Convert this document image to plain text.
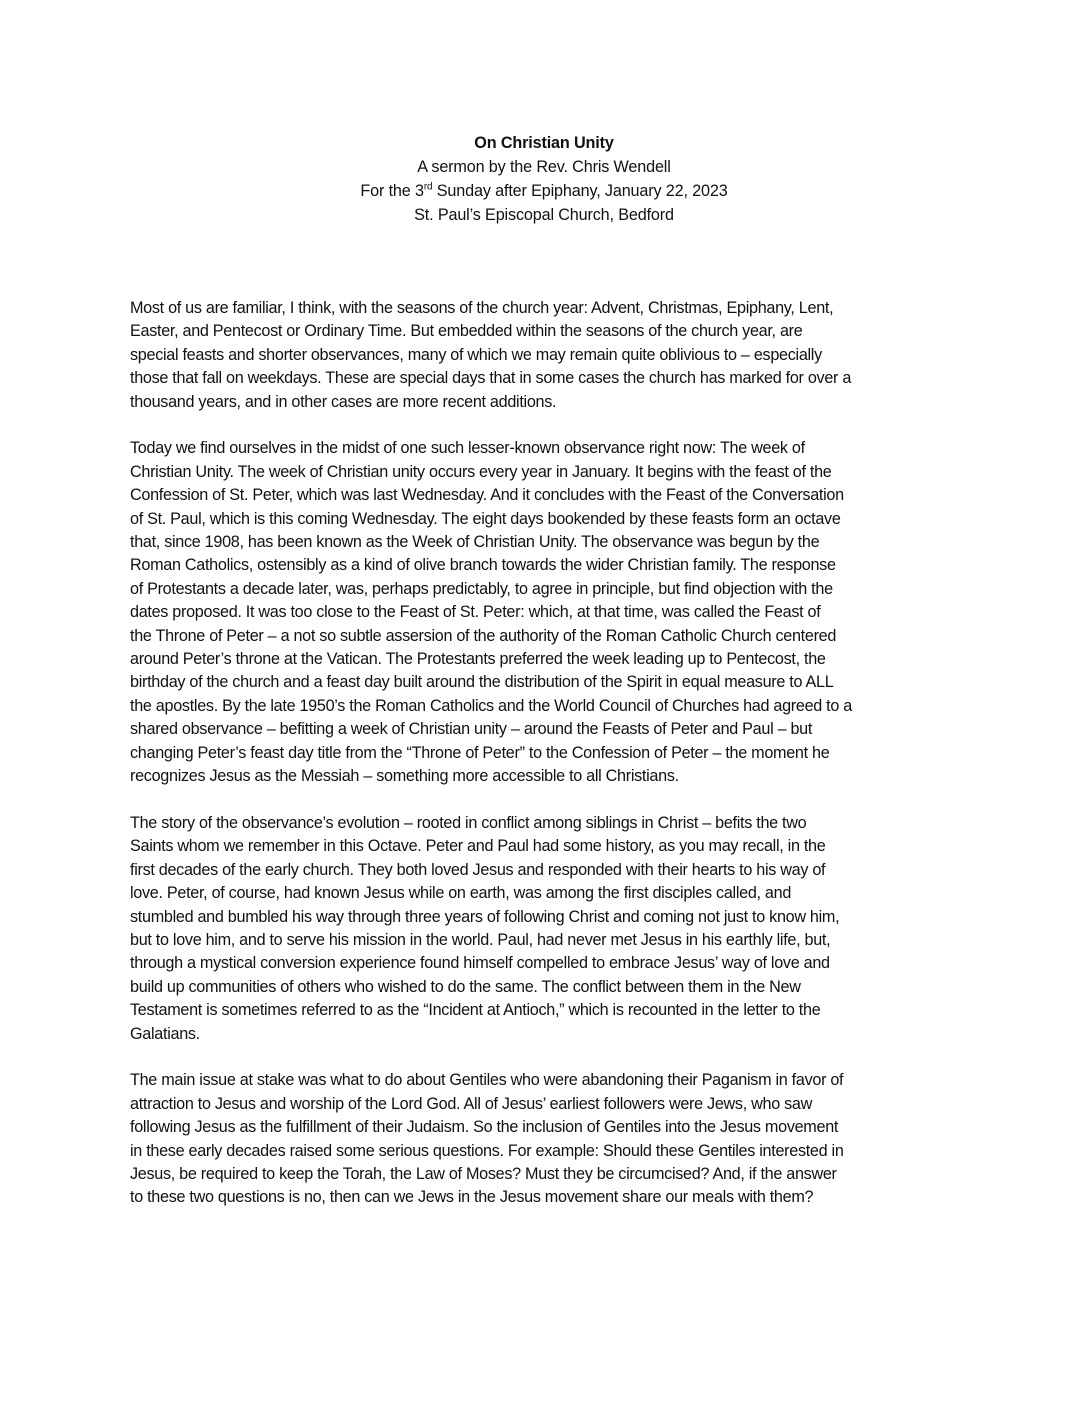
On Christian Unity
A sermon by the Rev. Chris Wendell
For the 3rd Sunday after Epiphany, January 22, 2023
St. Paul’s Episcopal Church, Bedford

Most of us are familiar, I think, with the seasons of the church year: Advent, Christmas, Epiphany, Lent,
Easter, and Pentecost or Ordinary Time. But embedded within the seasons of the church year, are
special feasts and shorter observances, many of which we may remain quite oblivious to – especially
those that fall on weekdays. These are special days that in some cases the church has marked for over a
thousand years, and in other cases are more recent additions.

Today we find ourselves in the midst of one such lesser-known observance right now: The week of
Christian Unity. The week of Christian unity occurs every year in January. It begins with the feast of the
Confession of St. Peter, which was last Wednesday. And it concludes with the Feast of the Conversation
of St. Paul, which is this coming Wednesday. The eight days bookended by these feasts form an octave
that, since 1908, has been known as the Week of Christian Unity. The observance was begun by the
Roman Catholics, ostensibly as a kind of olive branch towards the wider Christian family. The response
of Protestants a decade later, was, perhaps predictably, to agree in principle, but find objection with the
dates proposed. It was too close to the Feast of St. Peter: which, at that time, was called the Feast of
the Throne of Peter – a not so subtle assersion of the authority of the Roman Catholic Church centered
around Peter’s throne at the Vatican. The Protestants preferred the week leading up to Pentecost, the
birthday of the church and a feast day built around the distribution of the Spirit in equal measure to ALL
the apostles. By the late 1950’s the Roman Catholics and the World Council of Churches had agreed to a
shared observance – befitting a week of Christian unity – around the Feasts of Peter and Paul – but
changing Peter’s feast day title from the “Throne of Peter” to the Confession of Peter – the moment he
recognizes Jesus as the Messiah – something more accessible to all Christians.

The story of the observance’s evolution – rooted in conflict among siblings in Christ – befits the two
Saints whom we remember in this Octave. Peter and Paul had some history, as you may recall, in the
first decades of the early church. They both loved Jesus and responded with their hearts to his way of
love. Peter, of course, had known Jesus while on earth, was among the first disciples called, and
stumbled and bumbled his way through three years of following Christ and coming not just to know him,
but to love him, and to serve his mission in the world. Paul, had never met Jesus in his earthly life, but,
through a mystical conversion experience found himself compelled to embrace Jesus’ way of love and
build up communities of others who wished to do the same. The conflict between them in the New
Testament is sometimes referred to as the “Incident at Antioch,” which is recounted in the letter to the
Galatians.

The main issue at stake was what to do about Gentiles who were abandoning their Paganism in favor of
attraction to Jesus and worship of the Lord God. All of Jesus’ earliest followers were Jews, who saw
following Jesus as the fulfillment of their Judaism. So the inclusion of Gentiles into the Jesus movement
in these early decades raised some serious questions. For example: Should these Gentiles interested in
Jesus, be required to keep the Torah, the Law of Moses? Must they be circumcised? And, if the answer
to these two questions is no, then can we Jews in the Jesus movement share our meals with them?
